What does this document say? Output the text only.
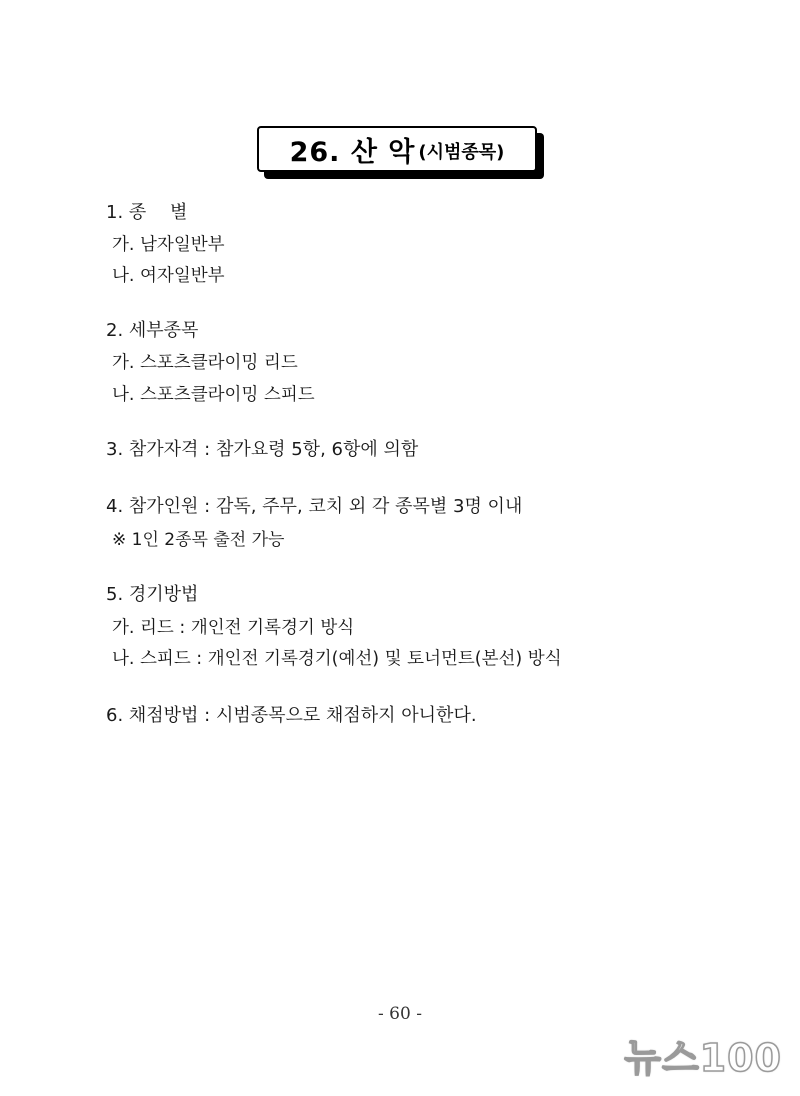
26. 산 악 (시범종목)
1. 종　 별
가. 남자일반부
나. 여자일반부
2. 세부종목
가. 스포츠클라이밍 리드
나. 스포츠클라이밍 스피드
3. 참가자격 : 참가요령 5항, 6항에 의함
4. 참가인원 : 감독, 주무, 코치 외 각 종목별 3명 이내
※ 1인 2종목 출전 가능
5. 경기방법
가. 리드 : 개인전 기록경기 방식
나. 스피드 : 개인전 기록경기(예선) 및 토너먼트(본선) 방식
6. 채점방법 : 시범종목으로 채점하지 아니한다.
- 60 -
뉴스100
